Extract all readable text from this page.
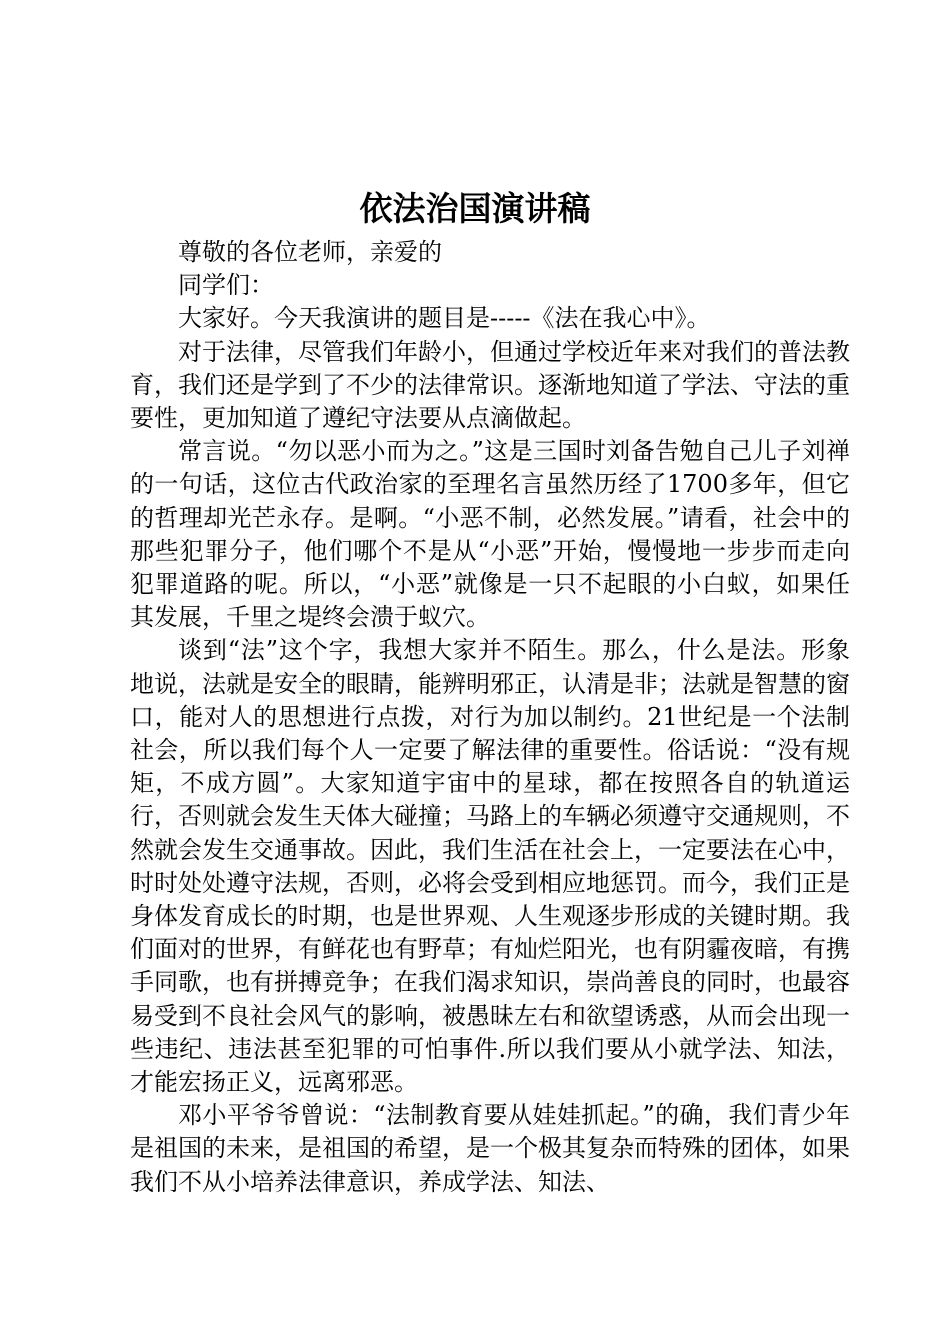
依法治国演讲稿

尊敬的各位老师，亲爱的

同学们：

大家好。今天我演讲的题目是-----《法在我心中》。

对于法律，尽管我们年龄小，但通过学校近年来对我们的普法教育，我们还是学到了不少的法律常识。逐渐地知道了学法、守法的重要性，更加知道了遵纪守法要从点滴做起。

常言说。“勿以恶小而为之。”这是三国时刘备告勉自己儿子刘禅的一句话，这位古代政治家的至理名言虽然历经了1700多年，但它的哲理却光芒永存。是啊。“小恶不制，必然发展。”请看，社会中的那些犯罪分子，他们哪个不是从“小恶”开始，慢慢地一步步而走向犯罪道路的呢。所以，“小恶”就像是一只不起眼的小白蚁，如果任其发展，千里之堤终会溃于蚁穴。

谈到“法”这个字，我想大家并不陌生。那么，什么是法。形象地说，法就是安全的眼睛，能辨明邪正，认清是非；法就是智慧的窗口，能对人的思想进行点拨，对行为加以制约。21世纪是一个法制社会，所以我们每个人一定要了解法律的重要性。俗话说：“没有规矩，不成方圆”。大家知道宇宙中的星球，都在按照各自的轨道运行，否则就会发生天体大碰撞；马路上的车辆必须遵守交通规则，不然就会发生交通事故。因此，我们生活在社会上，一定要法在心中，时时处处遵守法规，否则，必将会受到相应地惩罚。而今，我们正是身体发育成长的时期，也是世界观、人生观逐步形成的关键时期。我们面对的世界，有鲜花也有野草；有灿烂阳光，也有阴霾夜暗，有携手同歌，也有拼搏竞争；在我们渴求知识，崇尚善良的同时，也最容易受到不良社会风气的影响，被愚昧左右和欲望诱惑，从而会出现一些违纪、违法甚至犯罪的可怕事件.所以我们要从小就学法、知法，才能宏扬正义，远离邪恶。

邓小平爷爷曾说：“法制教育要从娃娃抓起。”的确，我们青少年是祖国的未来，是祖国的希望，是一个极其复杂而特殊的团体，如果我们不从小培养法律意识，养成学法、知法、
